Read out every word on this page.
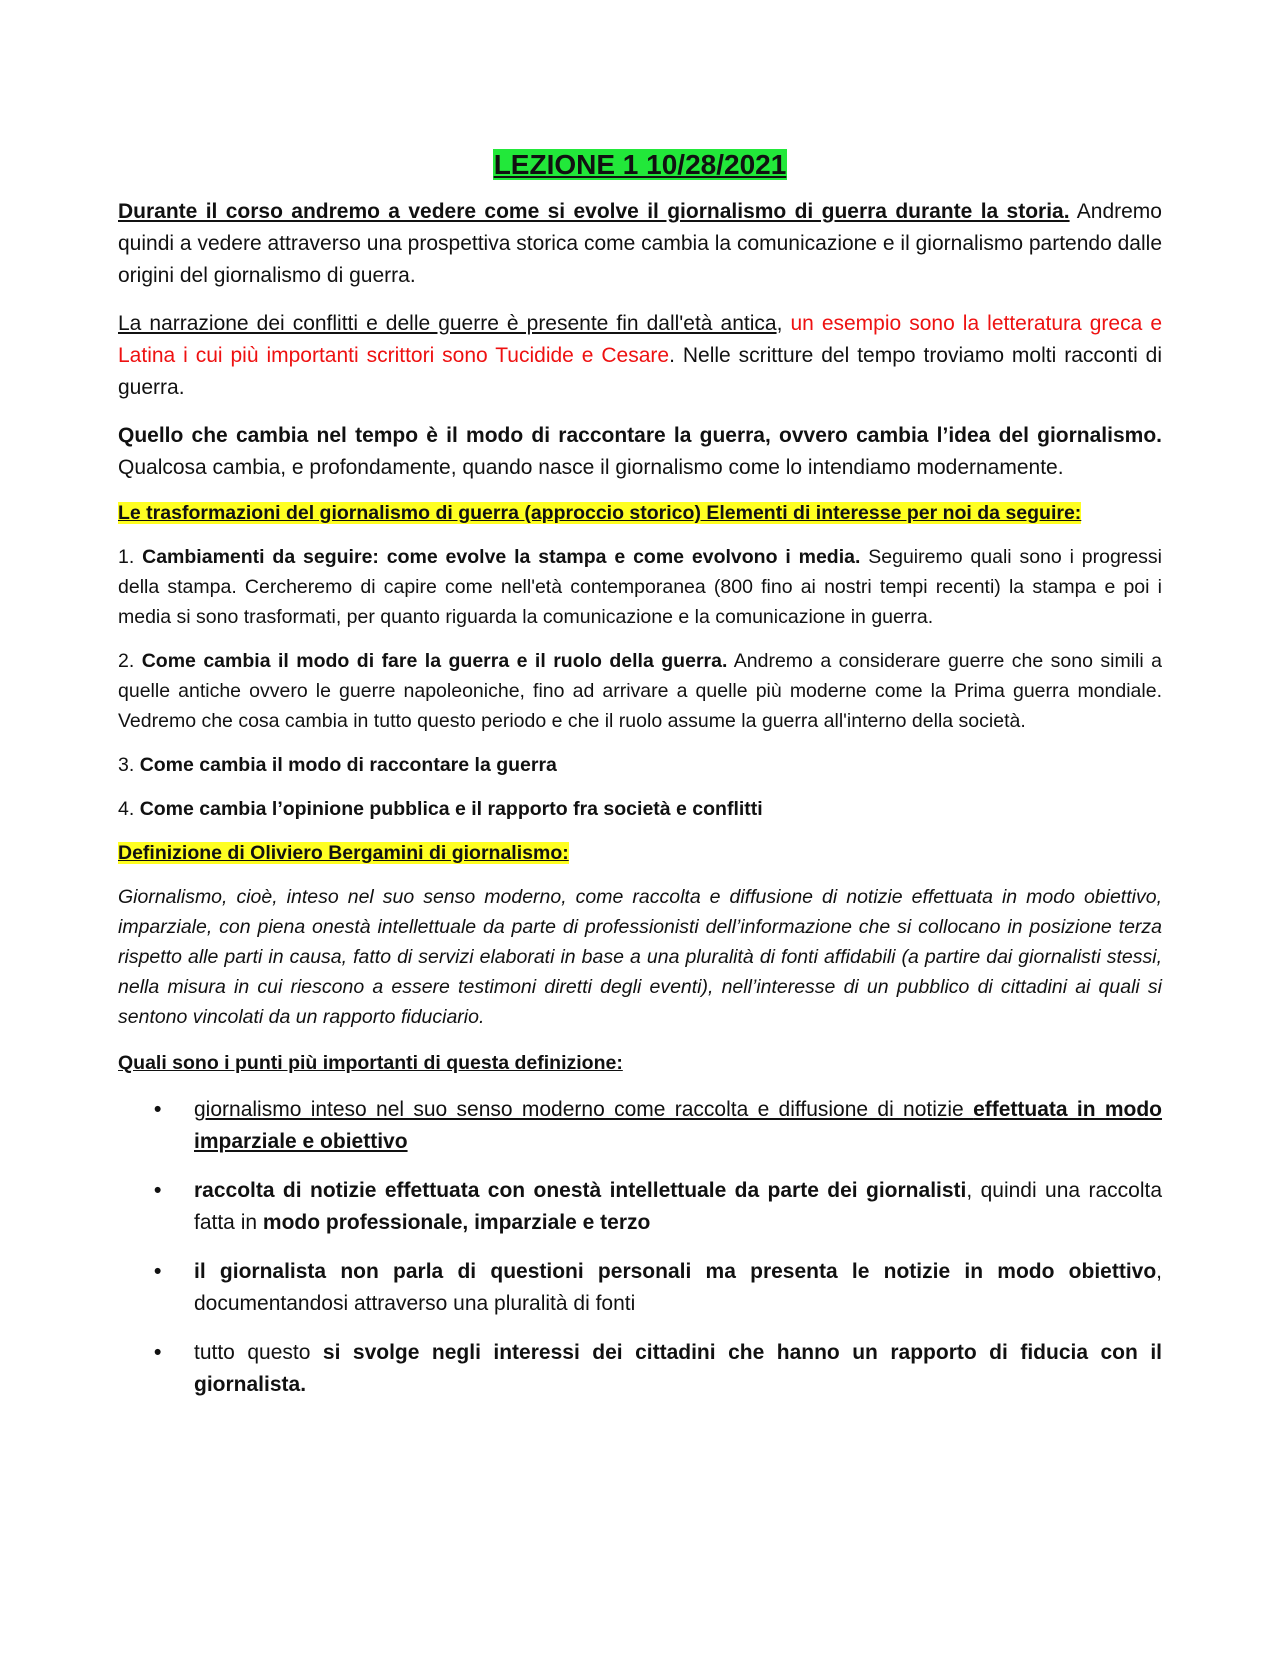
LEZIONE 1 10/28/2021

Durante il corso andremo a vedere come si evolve il giornalismo di guerra durante la storia. Andremo quindi a vedere attraverso una prospettiva storica come cambia la comunicazione e il giornalismo partendo dalle origini del giornalismo di guerra.

La narrazione dei conflitti e delle guerre è presente fin dall'età antica, un esempio sono la letteratura greca e Latina i cui più importanti scrittori sono Tucidide e Cesare. Nelle scritture del tempo troviamo molti racconti di guerra.

Quello che cambia nel tempo è il modo di raccontare la guerra, ovvero cambia l’idea del giornalismo. Qualcosa cambia, e profondamente, quando nasce il giornalismo come lo intendiamo modernamente.

Le trasformazioni del giornalismo di guerra (approccio storico) Elementi di interesse per noi da seguire:

1. Cambiamenti da seguire: come evolve la stampa e come evolvono i media. Seguiremo quali sono i progressi della stampa. Cercheremo di capire come nell'età contemporanea (800 fino ai nostri tempi recenti) la stampa e poi i media si sono trasformati, per quanto riguarda la comunicazione e la comunicazione in guerra.

2. Come cambia il modo di fare la guerra e il ruolo della guerra. Andremo a considerare guerre che sono simili a quelle antiche ovvero le guerre napoleoniche, fino ad arrivare a quelle più moderne come la Prima guerra mondiale. Vedremo che cosa cambia in tutto questo periodo e che il ruolo assume la guerra all'interno della società.

3. Come cambia il modo di raccontare la guerra

4. Come cambia l’opinione pubblica e il rapporto fra società e conflitti

Definizione di Oliviero Bergamini di giornalismo:

Giornalismo, cioè, inteso nel suo senso moderno, come raccolta e diffusione di notizie effettuata in modo obiettivo, imparziale, con piena onestà intellettuale da parte di professionisti dell’informazione che si collocano in posizione terza rispetto alle parti in causa, fatto di servizi elaborati in base a una pluralità di fonti affidabili (a partire dai giornalisti stessi, nella misura in cui riescono a essere testimoni diretti degli eventi), nell’interesse di un pubblico di cittadini ai quali si sentono vincolati da un rapporto fiduciario.

Quali sono i punti più importanti di questa definizione:

• giornalismo inteso nel suo senso moderno come raccolta e diffusione di notizie effettuata in modo imparziale e obiettivo
• raccolta di notizie effettuata con onestà intellettuale da parte dei giornalisti, quindi una raccolta fatta in modo professionale, imparziale e terzo
• il giornalista non parla di questioni personali ma presenta le notizie in modo obiettivo, documentandosi attraverso una pluralità di fonti
• tutto questo si svolge negli interessi dei cittadini che hanno un rapporto di fiducia con il giornalista.
